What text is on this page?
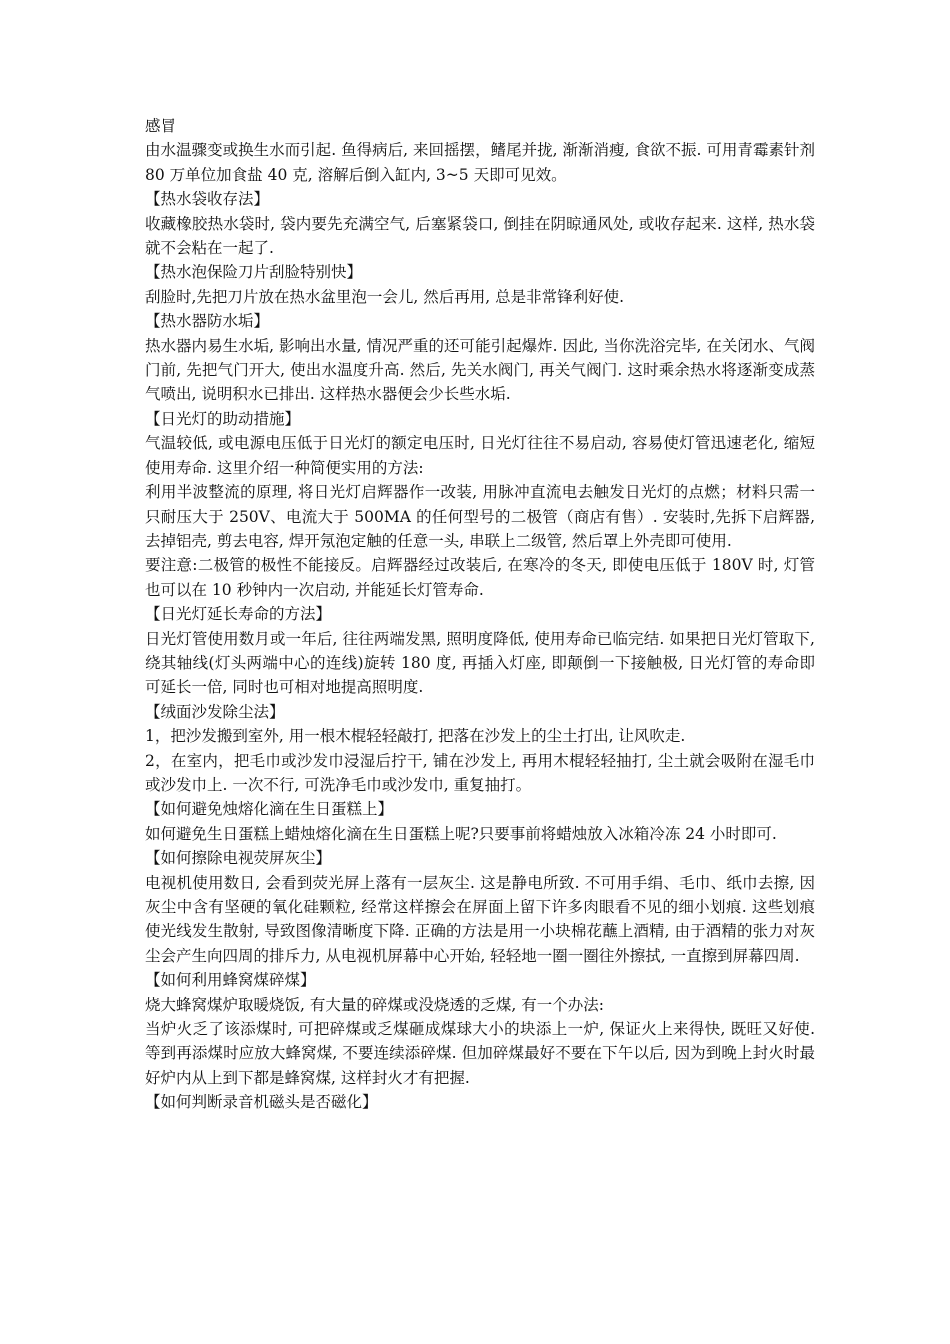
感冒

由水温骤变或换生水而引起. 鱼得病后, 来回摇摆，鳍尾并拢, 渐渐消瘦, 食欲不振. 可用青霉素针剂 80 万单位加食盐 40 克, 溶解后倒入缸内, 3~5 天即可见效。

【热水袋收存法】

收藏橡胶热水袋时, 袋内要先充满空气, 后塞紧袋口, 倒挂在阴晾通风处, 或收存起来. 这样, 热水袋就不会粘在一起了.

【热水泡保险刀片刮脸特别快】

刮脸时,先把刀片放在热水盆里泡一会儿, 然后再用, 总是非常锋利好使.

【热水器防水垢】

热水器内易生水垢, 影响出水量, 情况严重的还可能引起爆炸. 因此, 当你洗浴完毕, 在关闭水、气阀门前, 先把气门开大, 使出水温度升高. 然后, 先关水阀门, 再关气阀门. 这时乘余热水将逐渐变成蒸气喷出, 说明积水已排出. 这样热水器便会少长些水垢.

【日光灯的助动措施】

气温较低, 或电源电压低于日光灯的额定电压时, 日光灯往往不易启动, 容易使灯管迅速老化, 缩短使用寿命. 这里介绍一种简便实用的方法:

利用半波整流的原理, 将日光灯启辉器作一改装, 用脉冲直流电去触发日光灯的点燃；材料只需一只耐压大于 250V、电流大于 500MA 的任何型号的二极管（商店有售）. 安装时,先拆下启辉器, 去掉铝壳, 剪去电容, 焊开氖泡定触的任意一头, 串联上二级管, 然后罩上外壳即可使用.

要注意:二极管的极性不能接反。启辉器经过改装后, 在寒冷的冬天, 即使电压低于 180V 时, 灯管也可以在 10 秒钟内一次启动, 并能延长灯管寿命.

【日光灯延长寿命的方法】

日光灯管使用数月或一年后, 往往两端发黑, 照明度降低, 使用寿命已临完结. 如果把日光灯管取下, 绕其轴线(灯头两端中心的连线)旋转 180 度, 再插入灯座, 即颠倒一下接触极, 日光灯管的寿命即可延长一倍, 同时也可相对地提高照明度.

【绒面沙发除尘法】

1，把沙发搬到室外, 用一根木棍轻轻敲打, 把落在沙发上的尘土打出, 让风吹走.

2，在室内，把毛巾或沙发巾浸湿后拧干, 铺在沙发上, 再用木棍轻轻抽打, 尘土就会吸附在湿毛巾或沙发巾上. 一次不行, 可洗净毛巾或沙发巾, 重复抽打。

【如何避免烛熔化滴在生日蛋糕上】

如何避免生日蛋糕上蜡烛熔化滴在生日蛋糕上呢?只要事前将蜡烛放入冰箱冷冻 24 小时即可.

【如何擦除电视荧屏灰尘】

电视机使用数日, 会看到荧光屏上落有一层灰尘. 这是静电所致. 不可用手绢、毛巾、纸巾去擦, 因灰尘中含有坚硬的氧化硅颗粒, 经常这样擦会在屏面上留下许多肉眼看不见的细小划痕. 这些划痕使光线发生散射, 导致图像清晰度下降. 正确的方法是用一小块棉花蘸上酒精, 由于酒精的张力对灰尘会产生向四周的排斥力, 从电视机屏幕中心开始, 轻轻地一圈一圈往外擦拭, 一直擦到屏幕四周.

【如何利用蜂窝煤碎煤】

烧大蜂窝煤炉取暖烧饭, 有大量的碎煤或没烧透的乏煤, 有一个办法:

当炉火乏了该添煤时, 可把碎煤或乏煤砸成煤球大小的块添上一炉, 保证火上来得快, 既旺又好使. 等到再添煤时应放大蜂窝煤, 不要连续添碎煤. 但加碎煤最好不要在下午以后, 因为到晚上封火时最好炉内从上到下都是蜂窝煤, 这样封火才有把握.

【如何判断录音机磁头是否磁化】
